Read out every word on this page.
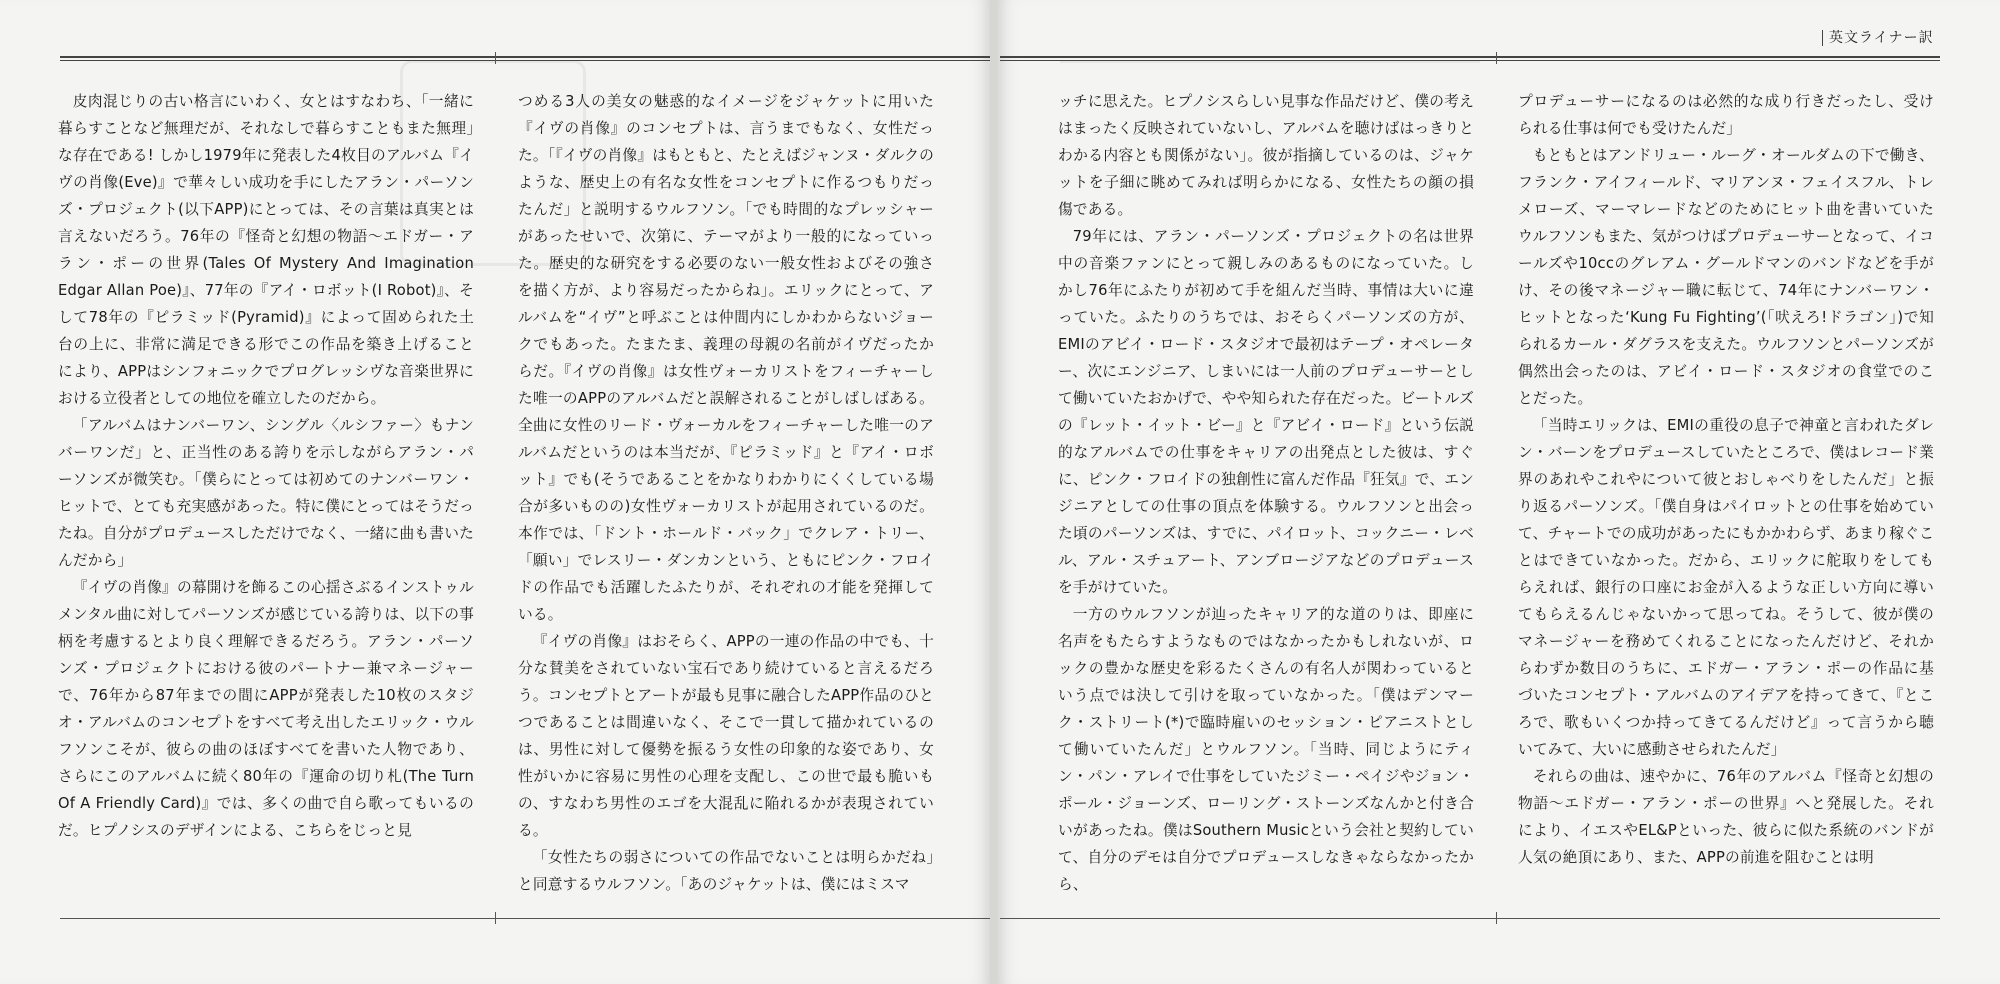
英文ライナー訳

皮肉混じりの古い格言にいわく、女とはすなわち、「一緒に暮らすことなど無理だが、それなしで暮らすこともまた無理」な存在である! しかし1979年に発表した4枚目のアルバム『イヴの肖像(Eve)』で華々しい成功を手にしたアラン・パーソンズ・プロジェクト(以下APP)にとっては、その言葉は真実とは言えないだろう。76年の『怪奇と幻想の物語〜エドガー・アラン・ポーの世界(Tales Of Mystery And Imagination Edgar Allan Poe)』、77年の『アイ・ロボット(I Robot)』、そして78年の『ピラミッド(Pyramid)』によって固められた土台の上に、非常に満足できる形でこの作品を築き上げることにより、APPはシンフォニックでプログレッシヴな音楽世界における立役者としての地位を確立したのだから。

「アルバムはナンバーワン、シングル〈ルシファー〉もナンバーワンだ」と、正当性のある誇りを示しながらアラン・パーソンズが微笑む。「僕らにとっては初めてのナンバーワン・ヒットで、とても充実感があった。特に僕にとってはそうだったね。自分がプロデュースしただけでなく、一緒に曲も書いたんだから」

『イヴの肖像』の幕開けを飾るこの心揺さぶるインストゥルメンタル曲に対してパーソンズが感じている誇りは、以下の事柄を考慮するとより良く理解できるだろう。アラン・パーソンズ・プロジェクトにおける彼のパートナー兼マネージャーで、76年から87年までの間にAPPが発表した10枚のスタジオ・アルバムのコンセプトをすべて考え出したエリック・ウルフソンこそが、彼らの曲のほぼすべてを書いた人物であり、さらにこのアルバムに続く80年の『運命の切り札(The Turn Of A Friendly Card)』では、多くの曲で自ら歌ってもいるのだ。ヒプノシスのデザインによる、こちらをじっと見

つめる3人の美女の魅惑的なイメージをジャケットに用いた『イヴの肖像』のコンセプトは、言うまでもなく、女性だった。「『イヴの肖像』はもともと、たとえばジャンヌ・ダルクのような、歴史上の有名な女性をコンセプトに作るつもりだったんだ」と説明するウルフソン。「でも時間的なプレッシャーがあったせいで、次第に、テーマがより一般的になっていった。歴史的な研究をする必要のない一般女性およびその強さを描く方が、より容易だったからね」。エリックにとって、アルバムを“イヴ”と呼ぶことは仲間内にしかわからないジョークでもあった。たまたま、義理の母親の名前がイヴだったからだ。『イヴの肖像』は女性ヴォーカリストをフィーチャーした唯一のAPPのアルバムだと誤解されることがしばしばある。全曲に女性のリード・ヴォーカルをフィーチャーした唯一のアルバムだというのは本当だが、『ピラミッド』と『アイ・ロボット』でも(そうであることをかなりわかりにくくしている場合が多いものの)女性ヴォーカリストが起用されているのだ。本作では、「ドント・ホールド・バック」でクレア・トリー、「願い」でレスリー・ダンカンという、ともにピンク・フロイドの作品でも活躍したふたりが、それぞれの才能を発揮している。

『イヴの肖像』はおそらく、APPの一連の作品の中でも、十分な賛美をされていない宝石であり続けていると言えるだろう。コンセプトとアートが最も見事に融合したAPP作品のひとつであることは間違いなく、そこで一貫して描かれているのは、男性に対して優勢を振るう女性の印象的な姿であり、女性がいかに容易に男性の心理を支配し、この世で最も脆いもの、すなわち男性のエゴを大混乱に陥れるかが表現されている。

「女性たちの弱さについての作品でないことは明らかだね」と同意するウルフソン。「あのジャケットは、僕にはミスマ

ッチに思えた。ヒプノシスらしい見事な作品だけど、僕の考えはまったく反映されていないし、アルバムを聴けばはっきりとわかる内容とも関係がない」。彼が指摘しているのは、ジャケットを子細に眺めてみれば明らかになる、女性たちの顔の損傷である。

79年には、アラン・パーソンズ・プロジェクトの名は世界中の音楽ファンにとって親しみのあるものになっていた。しかし76年にふたりが初めて手を組んだ当時、事情は大いに違っていた。ふたりのうちでは、おそらくパーソンズの方が、EMIのアビイ・ロード・スタジオで最初はテープ・オペレーター、次にエンジニア、しまいには一人前のプロデューサーとして働いていたおかげで、やや知られた存在だった。ビートルズの『レット・イット・ビー』と『アビイ・ロード』という伝説的なアルバムでの仕事をキャリアの出発点とした彼は、すぐに、ピンク・フロイドの独創性に富んだ作品『狂気』で、エンジニアとしての仕事の頂点を体験する。ウルフソンと出会った頃のパーソンズは、すでに、パイロット、コックニー・レベル、アル・スチュアート、アンブロージアなどのプロデュースを手がけていた。

一方のウルフソンが辿ったキャリア的な道のりは、即座に名声をもたらすようなものではなかったかもしれないが、ロックの豊かな歴史を彩るたくさんの有名人が関わっているという点では決して引けを取っていなかった。「僕はデンマーク・ストリート(*)で臨時雇いのセッション・ピアニストとして働いていたんだ」とウルフソン。「当時、同じようにティン・パン・アレイで仕事をしていたジミー・ペイジやジョン・ポール・ジョーンズ、ローリング・ストーンズなんかと付き合いがあったね。僕はSouthern Musicという会社と契約していて、自分のデモは自分でプロデュースしなきゃならなかったから、

プロデューサーになるのは必然的な成り行きだったし、受けられる仕事は何でも受けたんだ」

もともとはアンドリュー・ルーグ・オールダムの下で働き、フランク・アイフィールド、マリアンヌ・フェイスフル、トレメローズ、マーマレードなどのためにヒット曲を書いていたウルフソンもまた、気がつけばプロデューサーとなって、イコールズや10ccのグレアム・グールドマンのバンドなどを手がけ、その後マネージャー職に転じて、74年にナンバーワン・ヒットとなった‘Kung Fu Fighting’(「吠えろ!ドラゴン」)で知られるカール・ダグラスを支えた。ウルフソンとパーソンズが偶然出会ったのは、アビイ・ロード・スタジオの食堂でのことだった。

「当時エリックは、EMIの重役の息子で神童と言われたダレン・バーンをプロデュースしていたところで、僕はレコード業界のあれやこれやについて彼とおしゃべりをしたんだ」と振り返るパーソンズ。「僕自身はパイロットとの仕事を始めていて、チャートでの成功があったにもかかわらず、あまり稼ぐことはできていなかった。だから、エリックに舵取りをしてもらえれば、銀行の口座にお金が入るような正しい方向に導いてもらえるんじゃないかって思ってね。そうして、彼が僕のマネージャーを務めてくれることになったんだけど、それからわずか数日のうちに、エドガー・アラン・ポーの作品に基づいたコンセプト・アルバムのアイデアを持ってきて、『ところで、歌もいくつか持ってきてるんだけど』って言うから聴いてみて、大いに感動させられたんだ」

それらの曲は、速やかに、76年のアルバム『怪奇と幻想の物語〜エドガー・アラン・ポーの世界』へと発展した。それにより、イエスやEL&Pといった、彼らに似た系統のバンドが人気の絶頂にあり、また、APPの前進を阻むことは明
